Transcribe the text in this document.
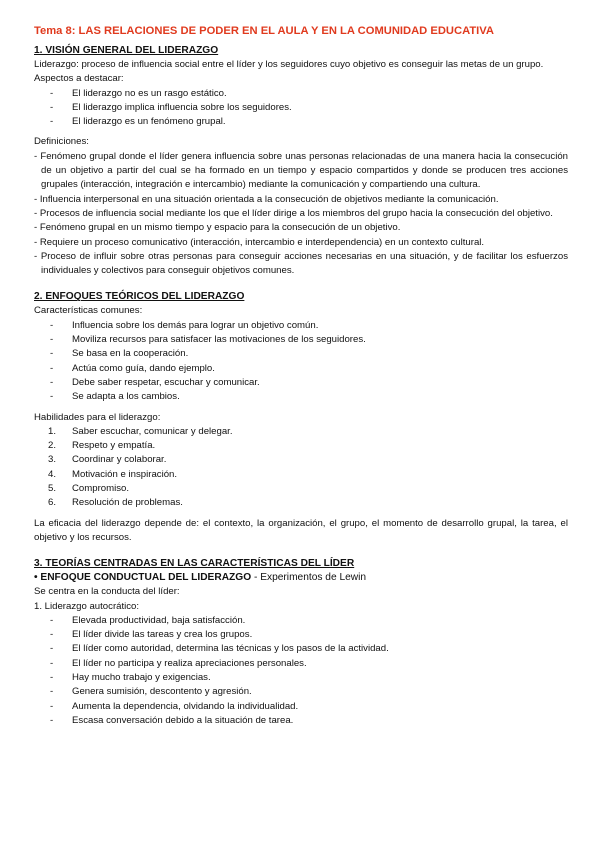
Tema 8: LAS RELACIONES DE PODER EN EL AULA Y EN LA COMUNIDAD EDUCATIVA
1. VISIÓN GENERAL DEL LIDERAZGO

Liderazgo: proceso de influencia social entre el líder y los seguidores cuyo objetivo es conseguir las metas de un grupo.

Aspectos a destacar:

-	El liderazgo no es un rasgo estático.
-	El liderazgo implica influencia sobre los seguidores.
-	El liderazgo es un fenómeno grupal.

Definiciones:

- Fenómeno grupal donde el líder genera influencia sobre unas personas relacionadas de una manera hacia la consecución de un objetivo a partir del cual se ha formado en un tiempo y espacio compartidos y donde se producen tres acciones grupales (interacción, integración e intercambio) mediante la comunicación y compartiendo una cultura.
- Influencia interpersonal en una situación orientada a la consecución de objetivos mediante la comunicación.
- Procesos de influencia social mediante los que el líder dirige a los miembros del grupo hacia la consecución del objetivo.
- Fenómeno grupal en un mismo tiempo y espacio para la consecución de un objetivo.
- Requiere un proceso comunicativo (interacción, intercambio e interdependencia) en un contexto cultural.
- Proceso de influir sobre otras personas para conseguir acciones necesarias en una situación, y de facilitar los esfuerzos individuales y colectivos para conseguir objetivos comunes.
2. ENFOQUES TEÓRICOS DEL LIDERAZGO

Características comunes:

-	Influencia sobre los demás para lograr un objetivo común.
-	Moviliza recursos para satisfacer las motivaciones de los seguidores.
-	Se basa en la cooperación.
-	Actúa como guía, dando ejemplo.
-	Debe saber respetar, escuchar y comunicar.
-	Se adapta a los cambios.

Habilidades para el liderazgo:

1.	Saber escuchar, comunicar y delegar.
2.	Respeto y empatía.
3.	Coordinar y colaborar.
4.	Motivación e inspiración.
5.	Compromiso.
6.	Resolución de problemas.

La eficacia del liderazgo depende de: el contexto, la organización, el grupo, el momento de desarrollo grupal, la tarea, el objetivo y los recursos.

3. TEORÍAS CENTRADAS EN LAS CARACTERÍSTICAS DEL LÍDER
• ENFOQUE CONDUCTUAL DEL LIDERAZGO - Experimentos de Lewin

Se centra en la conducta del líder:

1. Liderazgo autocrático:

-	Elevada productividad, baja satisfacción.
-	El líder divide las tareas y crea los grupos.
-	El líder como autoridad, determina las técnicas y los pasos de la actividad.
-	El líder no participa y realiza apreciaciones personales.
-	Hay mucho trabajo y exigencias.
-	Genera sumisión, descontento y agresión.
-	Aumenta la dependencia, olvidando la individualidad.
-	Escasa conversación debido a la situación de tarea.
